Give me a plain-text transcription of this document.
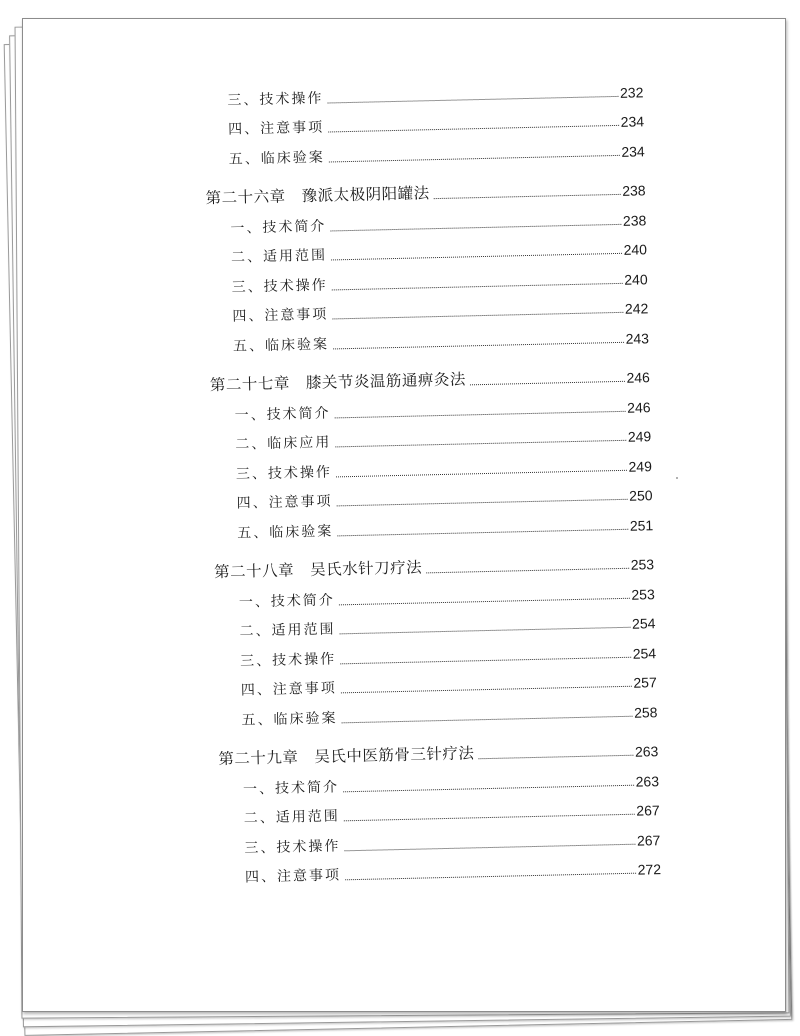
三、技术操作	232
四、注意事项	234
五、临床验案	234
第二十六章　豫派太极阴阳罐法	238
一、技术简介	238
二、适用范围	240
三、技术操作	240
四、注意事项	242
五、临床验案	243
第二十七章　膝关节炎温筋通痹灸法	246
一、技术简介	246
二、临床应用	249
三、技术操作	249
四、注意事项	250
五、临床验案	251
第二十八章　吴氏水针刀疗法	253
一、技术简介	253
二、适用范围	254
三、技术操作	254
四、注意事项	257
五、临床验案	258
第二十九章　吴氏中医筋骨三针疗法	263
一、技术简介	263
二、适用范围	267
三、技术操作	267
四、注意事项	272
